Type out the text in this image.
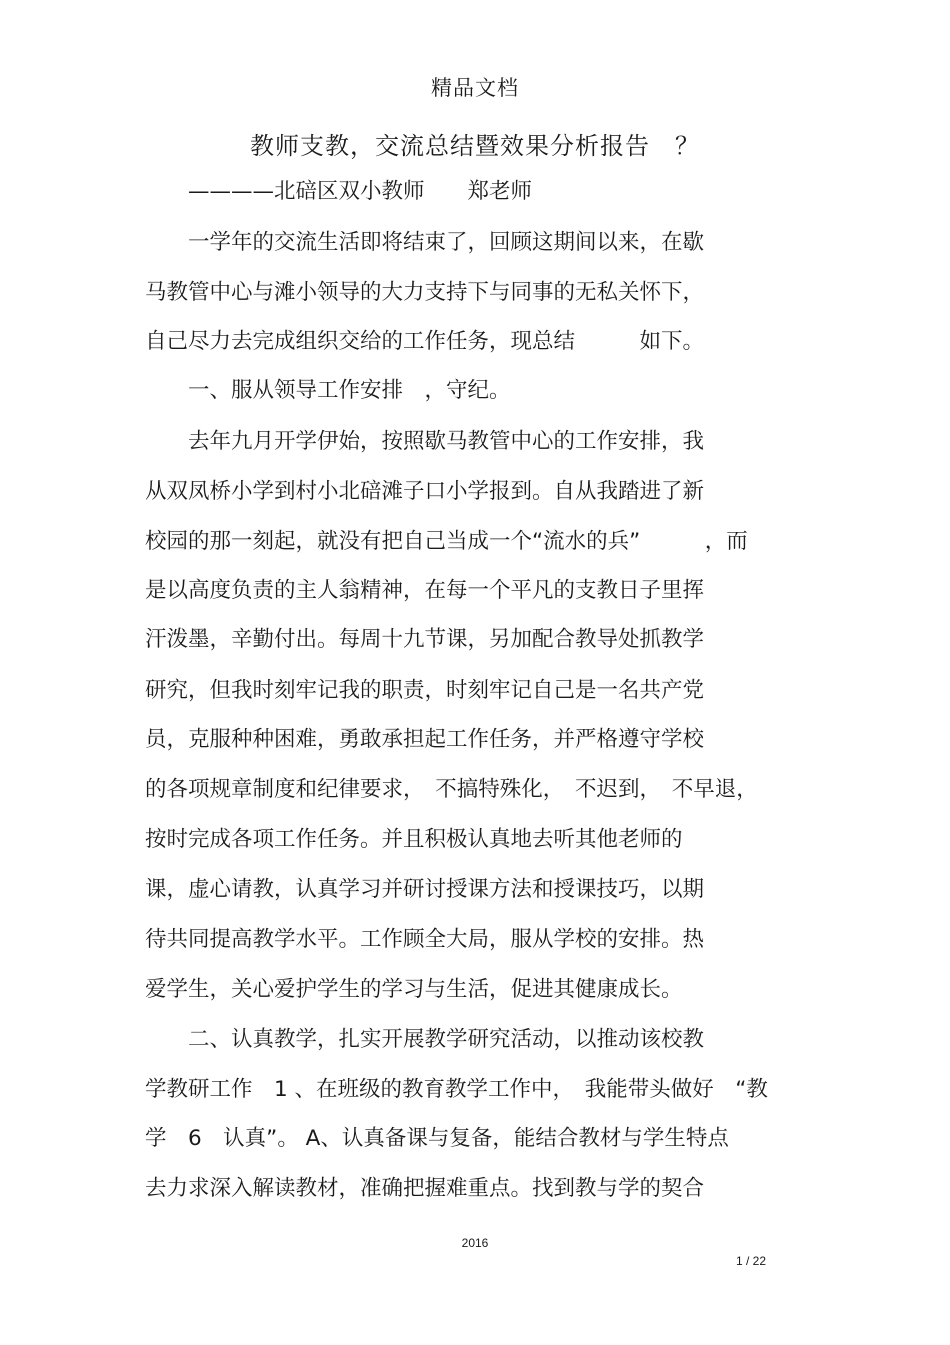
精品文档
教师支教，交流总结暨效果分析报告　？
　　————北碚区双小教师　　郑老师
　　一学年的交流生活即将结束了，回顾这期间以来，在歇
马教管中心与滩小领导的大力支持下与同事的无私关怀下，
自己尽力去完成组织交给的工作任务，现总结　　　如下。
　　一、服从领导工作安排　，守纪。
　　去年九月开学伊始，按照歇马教管中心的工作安排，我
从双凤桥小学到村小北碚滩子口小学报到。自从我踏进了新
校园的那一刻起，就没有把自己当成一个“流水的兵”　　　，而
是以高度负责的主人翁精神，在每一个平凡的支教日子里挥
汗泼墨，辛勤付出。每周十九节课，另加配合教导处抓教学
研究，但我时刻牢记我的职责，时刻牢记自己是一名共产党
员，克服种种困难，勇敢承担起工作任务，并严格遵守学校
的各项规章制度和纪律要求，　不搞特殊化，　不迟到，　不早退，
按时完成各项工作任务。并且积极认真地去听其他老师的
课，虚心请教，认真学习并研讨授课方法和授课技巧，以期
待共同提高教学水平。工作顾全大局，服从学校的安排。热
爱学生，关心爱护学生的学习与生活，促进其健康成长。
　　二、认真教学，扎实开展教学研究活动，以推动该校教
学教研工作　1 、在班级的教育教学工作中，　我能带头做好　“教
学　6　认真”。 A、认真备课与复备，能结合教材与学生特点
去力求深入解读教材，准确把握难重点。找到教与学的契合
2016
1 / 22
